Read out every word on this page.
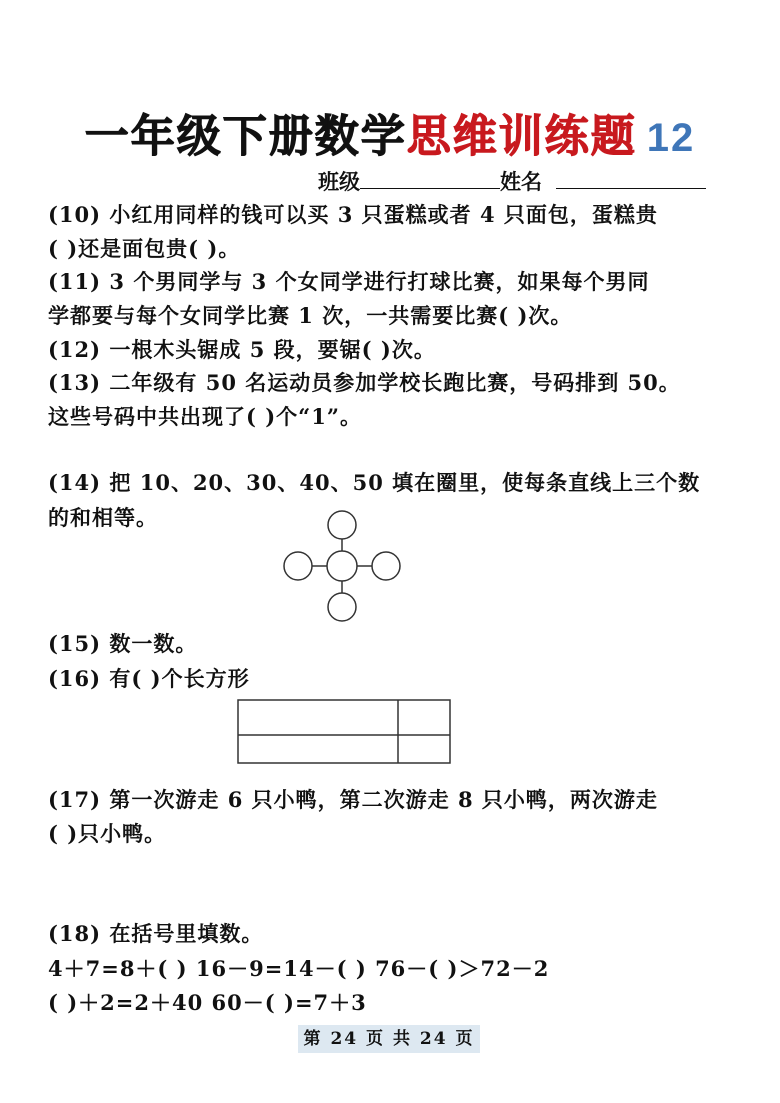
一年级下册数学思维训练题 12
班级	姓名
(10) 小红用同样的钱可以买 3 只蛋糕或者 4 只面包，蛋糕贵
( )还是面包贵( )。
(11) 3 个男同学与 3 个女同学进行打球比赛，如果每个男同
学都要与每个女同学比赛 1 次，一共需要比赛( )次。
(12) 一根木头锯成 5 段，要锯( )次。
(13) 二年级有 50 名运动员参加学校长跑比赛，号码排到 50。
这些号码中共出现了( )个“1”。
(14) 把 10、20、30、40、50 填在圈里，使每条直线上三个数
的和相等。
(15) 数一数。
(16) 有( )个长方形
(17) 第一次游走 6 只小鸭，第二次游走 8 只小鸭，两次游走
( )只小鸭。
(18) 在括号里填数。
4＋7=8＋( ) 16－9=14－( ) 76－( )＞72－2
( )＋2=2＋40 60－( )=7＋3
第 24 页 共 24 页
